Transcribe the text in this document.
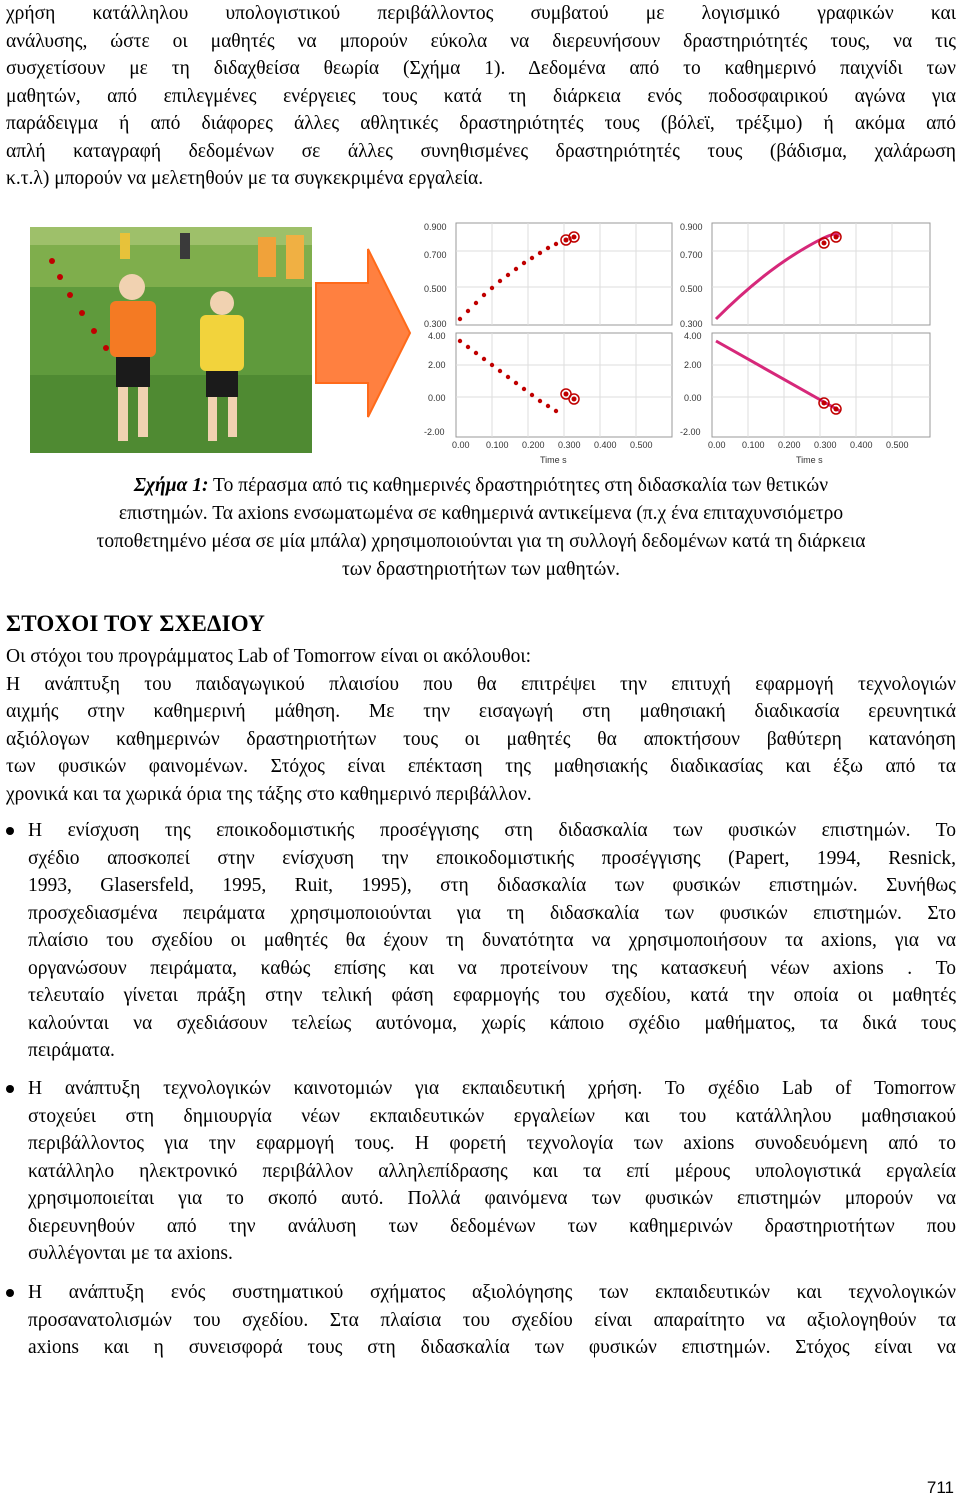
χρήση κατάλληλου υπολογιστικού περιβάλλοντος συμβατού με λογισμικό γραφικών και
ανάλυσης, ώστε οι μαθητές να μπορούν εύκολα να διερευνήσουν δραστηριότητές τους, να τις
συσχετίσουν με τη διδαχθείσα θεωρία (Σχήμα 1). Δεδομένα από το καθημερινό παιχνίδι των
μαθητών, από επιλεγμένες ενέργειες τους κατά τη διάρκεια ενός ποδοσφαιρικού αγώνα για
παράδειγμα ή από διάφορες άλλες αθλητικές δραστηριότητές τους (βόλεϊ, τρέξιμο) ή ακόμα από
απλή καταγραφή δεδομένων σε άλλες συνηθισμένες δραστηριότητές τους (βάδισμα, χαλάρωση
κ.τ.λ) μπορούν να μελετηθούν με τα συγκεκριμένα εργαλεία.

0.900
0.700
0.500
0.300
4.00
2.00
0.00
-2.00
0.00 0.100 0.200 0.300 0.400 0.500
Time s
0.900
0.700
0.500
0.300
4.00
2.00
0.00
-2.00
0.00 0.100 0.200 0.300 0.400 0.500
Time s

Σχήμα 1: Το πέρασμα από τις καθημερινές δραστηριότητες στη διδασκαλία των θετικών
επιστημών. Τα axions ενσωματωμένα σε καθημερινά αντικείμενα (π.χ ένα επιταχυνσιόμετρο
τοποθετημένο μέσα σε μία μπάλα) χρησιμοποιούνται για τη συλλογή δεδομένων κατά τη διάρκεια
των δραστηριοτήτων των μαθητών.

ΣΤΟΧΟΙ ΤΟΥ ΣΧΕΔΙΟΥ

Οι στόχοι του προγράμματος Lab of Tomorrow είναι οι ακόλουθοι:
Η ανάπτυξη του παιδαγωγικού πλαισίου που θα επιτρέψει την επιτυχή εφαρμογή τεχνολογιών
αιχμής στην καθημερινή μάθηση. Με την εισαγωγή στη μαθησιακή διαδικασία ερευνητικά
αξιόλογων καθημερινών δραστηριοτήτων τους οι μαθητές θα αποκτήσουν βαθύτερη κατανόηση
των φυσικών φαινομένων. Στόχος είναι επέκταση της μαθησιακής διαδικασίας και έξω από τα
χρονικά και τα χωρικά όρια της τάξης στο καθημερινό περιβάλλον.

Η ενίσχυση της εποικοδομιστικής προσέγγισης στη διδασκαλία των φυσικών επιστημών. Το
σχέδιο αποσκοπεί στην ενίσχυση την εποικοδομιστικής προσέγγισης (Papert, 1994, Resnick,
1993, Glasersfeld, 1995, Ruit, 1995), στη διδασκαλία των φυσικών επιστημών. Συνήθως
προσχεδιασμένα πειράματα χρησιμοποιούνται για τη διδασκαλία των φυσικών επιστημών. Στο
πλαίσιο του σχεδίου οι μαθητές θα έχουν τη δυνατότητα να χρησιμοποιήσουν τα axions, για να
οργανώσουν πειράματα, καθώς επίσης και να προτείνουν της κατασκευή νέων axions . Το
τελευταίο γίνεται πράξη στην τελική φάση εφαρμογής του σχεδίου, κατά την οποία οι μαθητές
καλούνται να σχεδιάσουν τελείως αυτόνομα, χωρίς κάποιο σχέδιο μαθήματος, τα δικά τους
πειράματα.

Η ανάπτυξη τεχνολογικών καινοτομιών για εκπαιδευτική χρήση. Το σχέδιο Lab of Tomorrow
στοχεύει στη δημιουργία νέων εκπαιδευτικών εργαλείων και του κατάλληλου μαθησιακού
περιβάλλοντος για την εφαρμογή τους. Η φορετή τεχνολογία των axions συνοδευόμενη από το
κατάλληλο ηλεκτρονικό περιβάλλον αλληλεπίδρασης και τα επί μέρους υπολογιστικά εργαλεία
χρησιμοποιείται για το σκοπό αυτό. Πολλά φαινόμενα των φυσικών επιστημών μπορούν να
διερευνηθούν από την ανάλυση των δεδομένων των καθημερινών δραστηριοτήτων που
συλλέγονται με τα axions.

Η ανάπτυξη ενός συστηματικού σχήματος αξιολόγησης των εκπαιδευτικών και τεχνολογικών
προσανατολισμών του σχεδίου. Στα πλαίσια του σχεδίου είναι απαραίτητο να αξιολογηθούν τα
axions και η συνεισφορά τους στη διδασκαλία των φυσικών επιστημών. Στόχος είναι να

711
